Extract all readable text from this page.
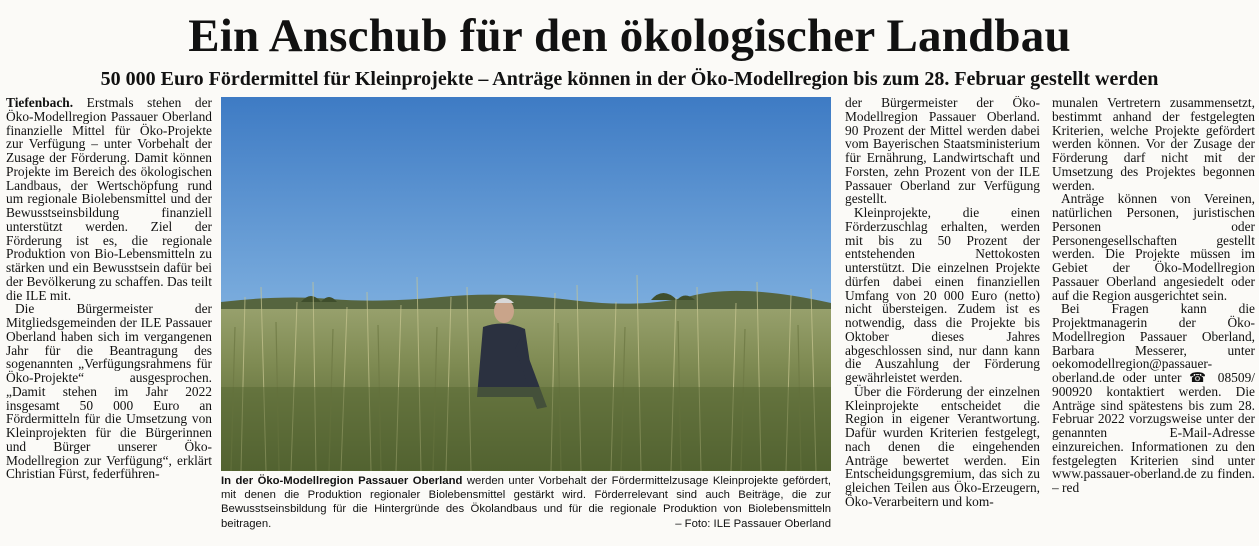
Ein Anschub für den ökologischer Landbau
50 000 Euro Fördermittel für Kleinprojekte – Anträge können in der Öko-Modellregion bis zum 28. Februar gestellt werden

Tiefenbach. Erstmals stehen der Öko-Modellregion Passauer Oberland finanzielle Mittel für Öko-Projekte zur Verfügung – unter Vorbehalt der Zusage der Förderung. Damit können Projekte im Bereich des ökologischen Landbaus, der Wertschöpfung rund um regionale Biolebensmittel und der Bewusstseinsbildung finanziell unterstützt werden. Ziel der Förderung ist es, die regionale Produktion von Bio-Lebensmitteln zu stärken und ein Bewusstsein dafür bei der Bevölkerung zu schaffen. Das teilt die ILE mit.

Die Bürgermeister der Mitgliedsgemeinden der ILE Passauer Oberland haben sich im vergangenen Jahr für die Beantragung des sogenannten „Verfügungsrahmens für Öko-Projekte“ ausgesprochen. „Damit stehen im Jahr 2022 insgesamt 50 000 Euro an Fördermitteln für die Umsetzung von Kleinprojekten für die Bürgerinnen und Bürger unserer Öko-Modellregion zur Verfügung“, erklärt Christian Fürst, federführen-	In der Öko-Modellregion Passauer Oberland werden unter Vorbehalt der Fördermittelzusage Kleinprojekte gefördert, mit denen die Produktion regionaler Biolebensmittel gestärkt wird. Förderrelevant sind auch Beiträge, die zur Bewusstseinsbildung für die Hintergründe des Ökolandbaus und für die regionale Produktion von Biolebensmitteln beitragen.	– Foto: ILE Passauer Oberland

der Bürgermeister der Öko-Modellregion Passauer Oberland. 90 Prozent der Mittel werden dabei vom Bayerischen Staatsministerium für Ernährung, Landwirtschaft und Forsten, zehn Prozent von der ILE Passauer Oberland zur Verfügung gestellt.

Kleinprojekte, die einen Förderzuschlag erhalten, werden mit bis zu 50 Prozent der entstehenden Nettokosten unterstützt. Die einzelnen Projekte dürfen dabei einen finanziellen Umfang von 20 000 Euro (netto) nicht übersteigen. Zudem ist es notwendig, dass die Projekte bis Oktober dieses Jahres abgeschlossen sind, nur dann kann die Auszahlung der Förderung gewährleistet werden.

Über die Förderung der einzelnen Kleinprojekte entscheidet die Region in eigener Verantwortung. Dafür wurden Kriterien festgelegt, nach denen die eingehenden Anträge bewertet werden. Ein Entscheidungsgremium, das sich zu gleichen Teilen aus Öko-Erzeugern, Öko-Verarbeitern und kom-

munalen Vertretern zusammensetzt, bestimmt anhand der festgelegten Kriterien, welche Projekte gefördert werden können. Vor der Zusage der Förderung darf nicht mit der Umsetzung des Projektes begonnen werden.

Anträge können von Vereinen, natürlichen Personen, juristischen Personen oder Personengesellschaften gestellt werden. Die Projekte müssen im Gebiet der Öko-Modellregion Passauer Oberland angesiedelt oder auf die Region ausgerichtet sein.

Bei Fragen kann die Projektmanagerin der Öko-Modellregion Passauer Oberland, Barbara Messerer, unter oekomodellregion@passauer-oberland.de oder unter ☎ 08509/ 900920 kontaktiert werden. Die Anträge sind spätestens bis zum 28. Februar 2022 vorzugsweise unter der genannten E-Mail-Adresse einzureichen. Informationen zu den festgelegten Kriterien sind unter www.passauer-oberland.de zu finden. – red
